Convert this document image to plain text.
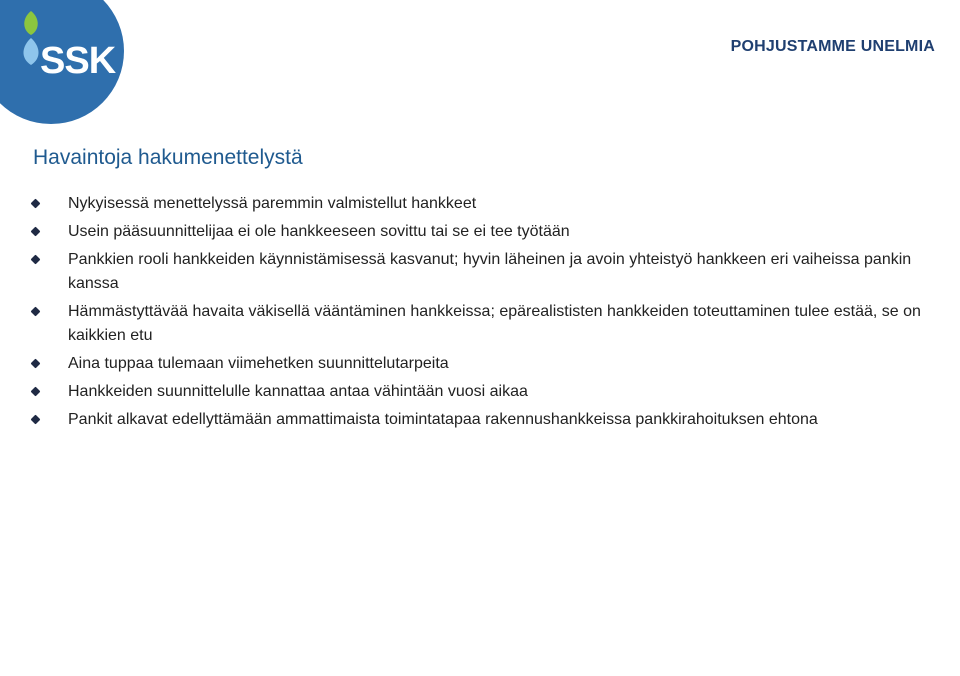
SSK	POHJUSTAMME UNELMIA
Havaintoja hakumenettelystä
Nykyisessä menettelyssä paremmin valmistellut hankkeet
Usein pääsuunnittelijaa ei ole hankkeeseen sovittu tai se ei tee työtään
Pankkien rooli hankkeiden käynnistämisessä kasvanut; hyvin läheinen ja avoin yhteistyö hankkeen eri vaiheissa pankin kanssa
Hämmästyttävää havaita väkisellä vääntäminen hankkeissa; epärealististen hankkeiden toteuttaminen tulee estää, se on kaikkien etu
Aina tuppaa tulemaan viimehetken suunnittelutarpeita
Hankkeiden suunnittelulle kannattaa antaa vähintään vuosi aikaa
Pankit alkavat edellyttämään ammattimaista toimintatapaa rakennushankkeissa pankkirahoituksen ehtona
